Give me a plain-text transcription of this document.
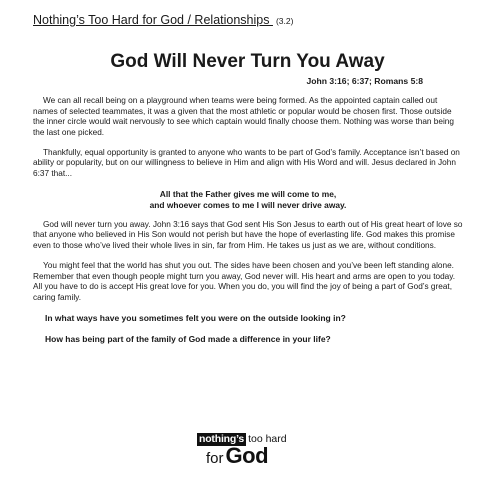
Nothing’s Too Hard for God / Relationships (3.2)
God Will Never Turn You Away
John 3:16; 6:37; Romans 5:8

We can all recall being on a playground when teams were being formed. As the appointed captain called out names of selected teammates, it was a given that the most athletic or popular would be chosen first. Those outside the inner circle would wait nervously to see which captain would finally choose them. Nothing was worse than being the last one picked.

Thankfully, equal opportunity is granted to anyone who wants to be part of God’s family. Acceptance isn’t based on ability or popularity, but on our willingness to believe in Him and align with His Word and will. Jesus declared in John 6:37 that...

All that the Father gives me will come to me,
and whoever comes to me I will never drive away.

God will never turn you away. John 3:16 says that God sent His Son Jesus to earth out of His great heart of love so that anyone who believed in His Son would not perish but have the hope of everlasting life. God makes this promise even to those who’ve lived their whole lives in sin, far from Him. He takes us just as we are, without conditions.

You might feel that the world has shut you out. The sides have been chosen and you’ve been left standing alone. Remember that even though people might turn you away, God never will. His heart and arms are open to you today. All you have to do is accept His great love for you. When you do, you will find the joy of being a part of God’s great, caring family.

In what ways have you sometimes felt you were on the outside looking in?
How has being part of the family of God made a difference in your life?
nothing’s too hard
forGod
